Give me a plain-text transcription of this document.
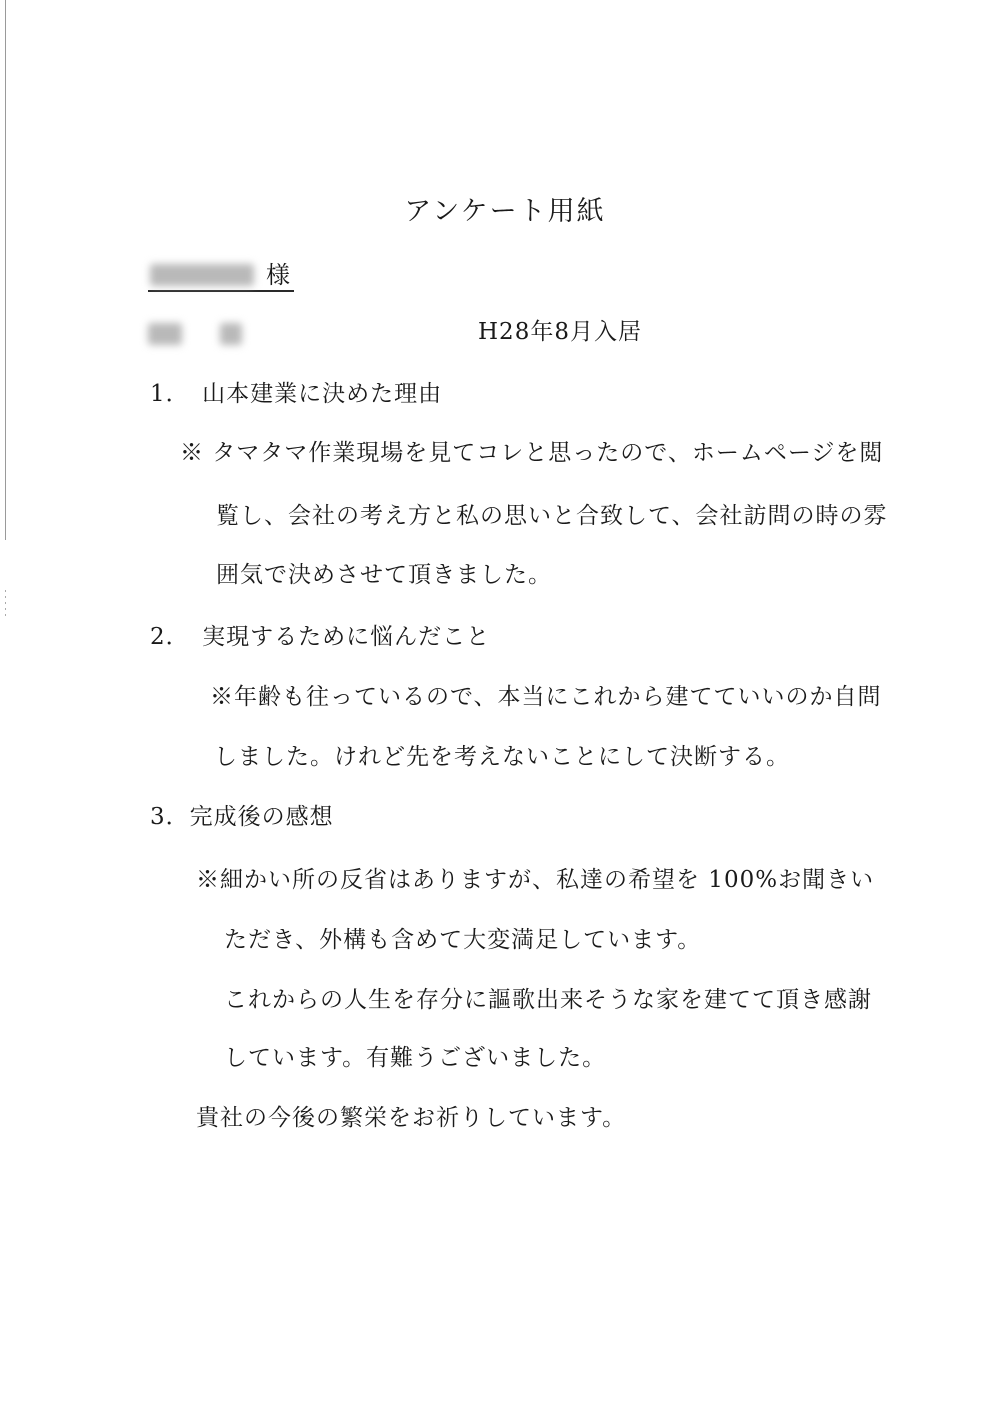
アンケート用紙
様
H28年8月入居
1．　山本建業に決めた理由
※ タマタマ作業現場を見てコレと思ったので、ホームページを閲
覧し、会社の考え方と私の思いと合致して、会社訪問の時の雰
囲気で決めさせて頂きました。
2．　実現するために悩んだこと
※年齢も往っているので、本当にこれから建てていいのか自問
しました。けれど先を考えないことにして決断する。
3．完成後の感想
※細かい所の反省はありますが、私達の希望を 100%お聞きい
ただき、外構も含めて大変満足しています。
これからの人生を存分に謳歌出来そうな家を建てて頂き感謝
しています。有難うございました。
貴社の今後の繁栄をお祈りしています。
